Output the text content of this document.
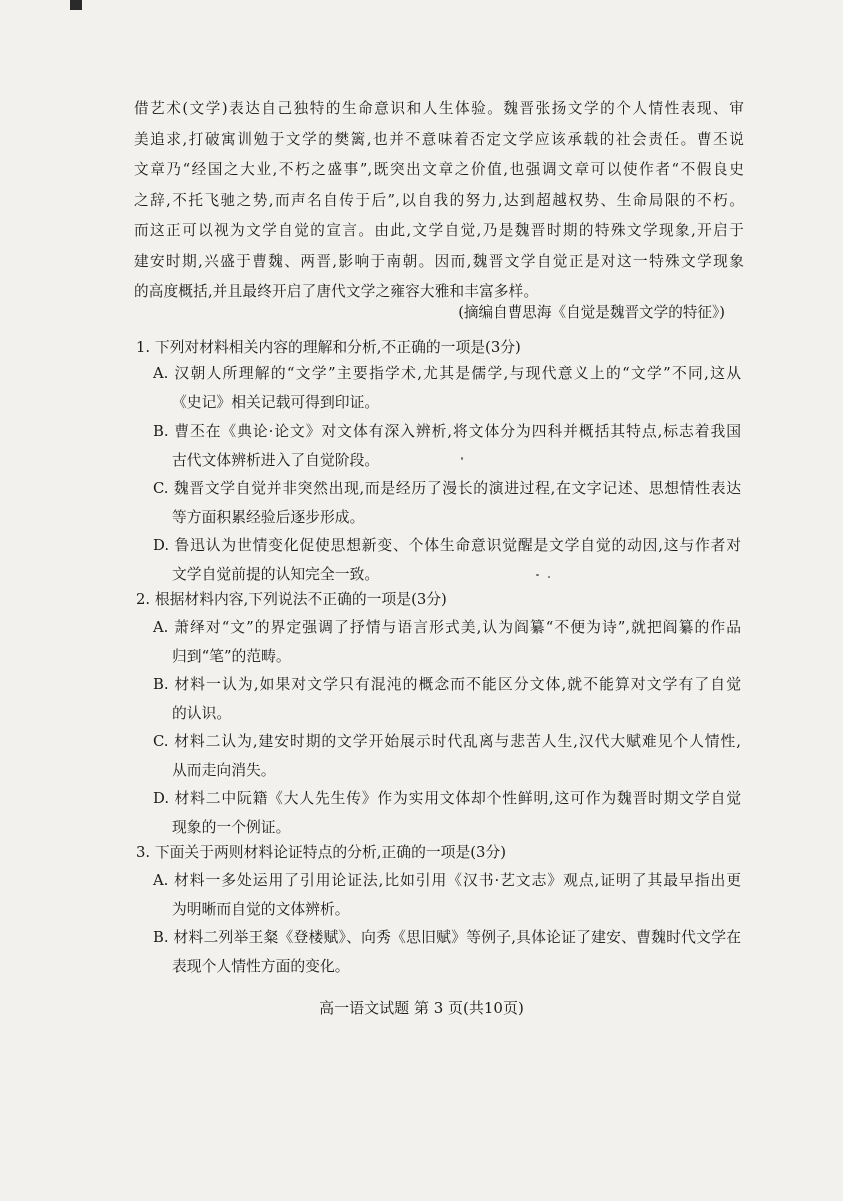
借艺术(文学)表达自己独特的生命意识和人生体验。魏晋张扬文学的个人情性表现、审
美追求,打破寓训勉于文学的樊篱,也并不意味着否定文学应该承载的社会责任。曹丕说
文章乃“经国之大业,不朽之盛事”,既突出文章之价值,也强调文章可以使作者“不假良史
之辞,不托飞驰之势,而声名自传于后”,以自我的努力,达到超越权势、生命局限的不朽。
而这正可以视为文学自觉的宣言。由此,文学自觉,乃是魏晋时期的特殊文学现象,开启于
建安时期,兴盛于曹魏、两晋,影响于南朝。因而,魏晋文学自觉正是对这一特殊文学现象
的高度概括,并且最终开启了唐代文学之雍容大雅和丰富多样。
(摘编自曹思海《自觉是魏晋文学的特征》)
1. 下列对材料相关内容的理解和分析,不正确的一项是(3分)
A. 汉朝人所理解的“文学”主要指学术,尤其是儒学,与现代意义上的“文学”不同,这从
《史记》相关记载可得到印证。
B. 曹丕在《典论·论文》对文体有深入辨析,将文体分为四科并概括其特点,标志着我国
古代文体辨析进入了自觉阶段。
C. 魏晋文学自觉并非突然出现,而是经历了漫长的演进过程,在文字记述、思想情性表达
等方面积累经验后逐步形成。
D. 鲁迅认为世情变化促使思想新变、个体生命意识觉醒是文学自觉的动因,这与作者对
文学自觉前提的认知完全一致。
2. 根据材料内容,下列说法不正确的一项是(3分)
A. 萧绎对“文”的界定强调了抒情与语言形式美,认为阎纂“不便为诗”,就把阎纂的作品
归到“笔”的范畴。
B. 材料一认为,如果对文学只有混沌的概念而不能区分文体,就不能算对文学有了自觉
的认识。
C. 材料二认为,建安时期的文学开始展示时代乱离与悲苦人生,汉代大赋难见个人情性,
从而走向消失。
D. 材料二中阮籍《大人先生传》作为实用文体却个性鲜明,这可作为魏晋时期文学自觉
现象的一个例证。
3. 下面关于两则材料论证特点的分析,正确的一项是(3分)
A. 材料一多处运用了引用论证法,比如引用《汉书·艺文志》观点,证明了其最早指出更
为明晰而自觉的文体辨析。
B. 材料二列举王粲《登楼赋》、向秀《思旧赋》等例子,具体论证了建安、曹魏时代文学在
表现个人情性方面的变化。
高一语文试题 第 3 页(共10页)
